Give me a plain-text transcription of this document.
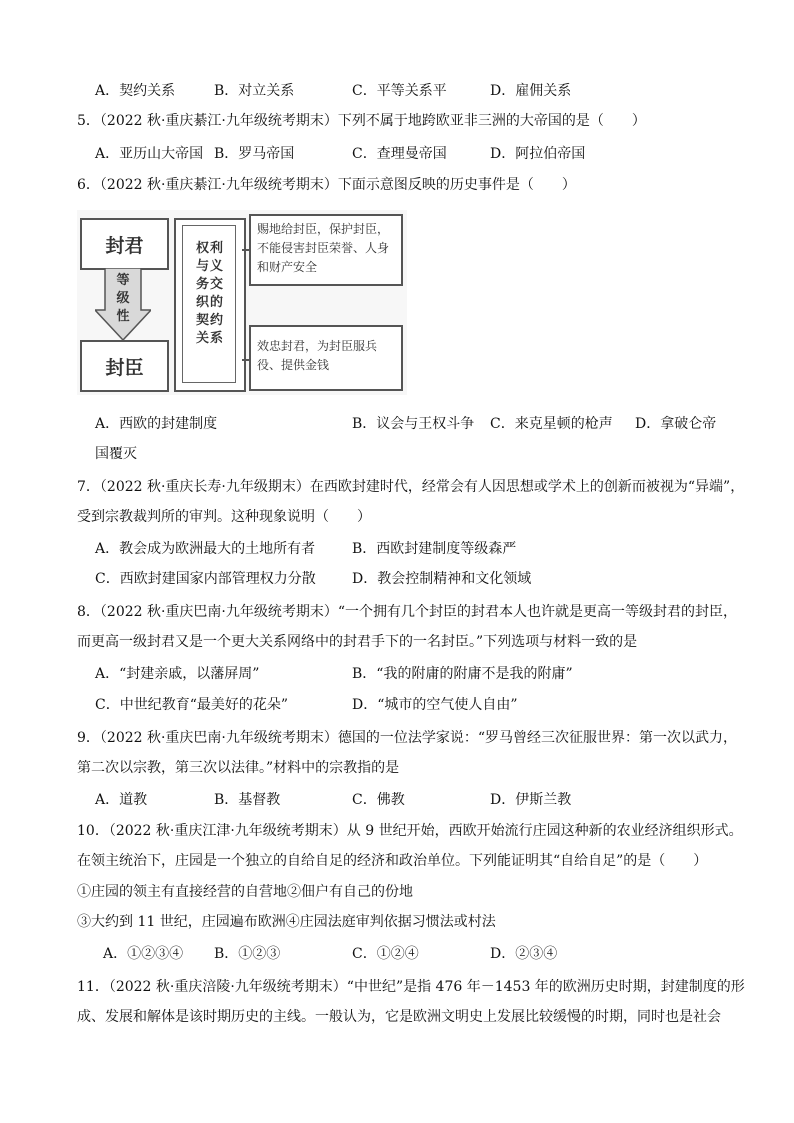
A．契约关系	B．对立关系	C．平等关系平	D．雇佣关系
5．（2022 秋·重庆綦江·九年级统考期末）下列不属于地跨欧亚非三洲的大帝国的是（　　）
A．亚历山大帝国 B．罗马帝国	C．查理曼帝国	D．阿拉伯帝国
6．（2022 秋·重庆綦江·九年级统考期末）下面示意图反映的历史事件是（　　）
封君
等
级
性
封臣
权利
与义
务交
织的
契约
关系
赐地给封臣，保护封臣，不能侵害封臣荣誉、人身和财产安全
效忠封君，为封臣服兵役、提供金钱
A．西欧的封建制度	B．议会与王权斗争 C．来克星顿的枪声 D．拿破仑帝
国覆灭
7．（2022 秋·重庆长寿·九年级期末）在西欧封建时代，经常会有人因思想或学术上的创新而被视为“异端”，
受到宗教裁判所的审判。这种现象说明（　　）
A．教会成为欧洲最大的土地所有者	B．西欧封建制度等级森严
C．西欧封建国家内部管理权力分散	D．教会控制精神和文化领域
8．（2022 秋·重庆巴南·九年级统考期末）“一个拥有几个封臣的封君本人也许就是更高一等级封君的封臣，
而更高一级封君又是一个更大关系网络中的封君手下的一名封臣。”下列选项与材料一致的是
A．“封建亲戚，以藩屏周”	B．“我的附庸的附庸不是我的附庸”
C．中世纪教育“最美好的花朵”	D．“城市的空气使人自由”
9．（2022 秋·重庆巴南·九年级统考期末）德国的一位法学家说：“罗马曾经三次征服世界：第一次以武力，
第二次以宗教，第三次以法律。”材料中的宗教指的是
A．道教	B．基督教	C．佛教	D．伊斯兰教
10．（2022 秋·重庆江津·九年级统考期末）从 9 世纪开始，西欧开始流行庄园这种新的农业经济组织形式。
在领主统治下，庄园是一个独立的自给自足的经济和政治单位。下列能证明其“自给自足”的是（　　）
①庄园的领主有直接经营的自营地②佃户有自己的份地
③大约到 11 世纪，庄园遍布欧洲④庄园法庭审判依据习惯法或村法
A．①②③④ B．①②③	C．①②④	D．②③④
11．（2022 秋·重庆涪陵·九年级统考期末）“中世纪”是指 476 年－1453 年的欧洲历史时期，封建制度的形
成、发展和解体是该时期历史的主线。一般认为，它是欧洲文明史上发展比较缓慢的时期，同时也是社会
